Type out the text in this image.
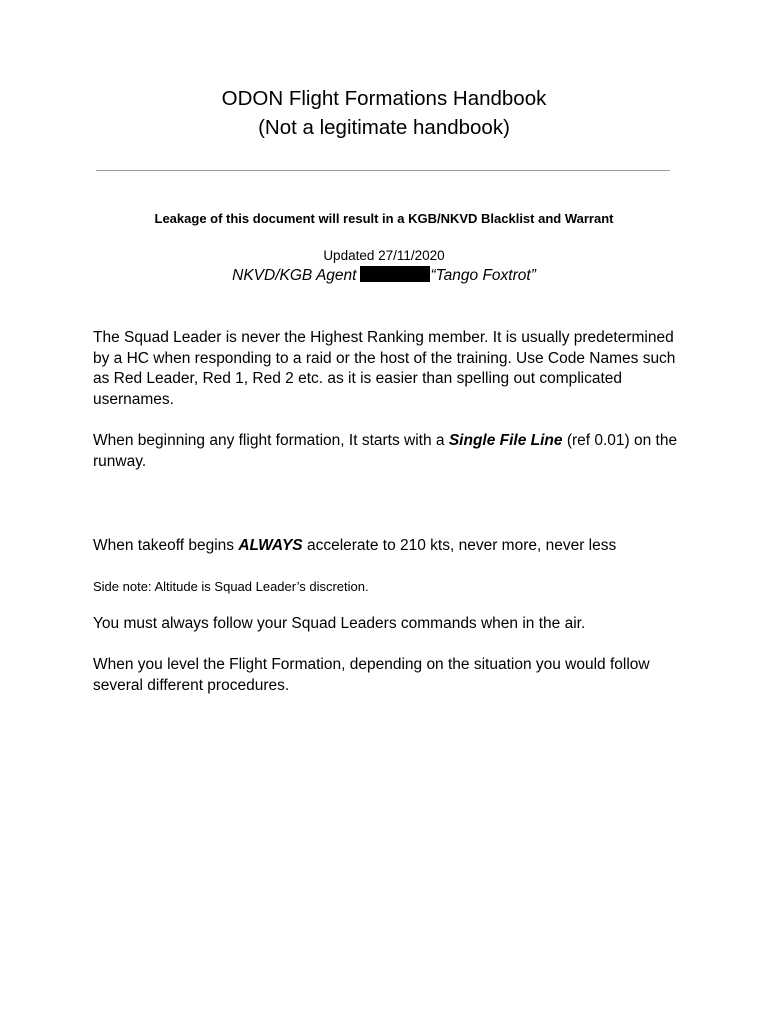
ODON Flight Formations Handbook
(Not a legitimate handbook)
Leakage of this document will result in a KGB/NKVD Blacklist and Warrant
Updated 27/11/2020
NKVD/KGB Agent	“Tango Foxtrot”

The Squad Leader is never the Highest Ranking member. It is usually predetermined by a HC when responding to a raid or the host of the training. Use Code Names such as Red Leader, Red 1, Red 2 etc. as it is easier than spelling out complicated usernames.

When beginning any flight formation, It starts with a Single File Line (ref 0.01) on the runway.

When takeoff begins ALWAYS accelerate to 210 kts, never more, never less

Side note: Altitude is Squad Leader’s discretion.

You must always follow your Squad Leaders commands when in the air.

When you level the Flight Formation, depending on the situation you would follow several different procedures.
